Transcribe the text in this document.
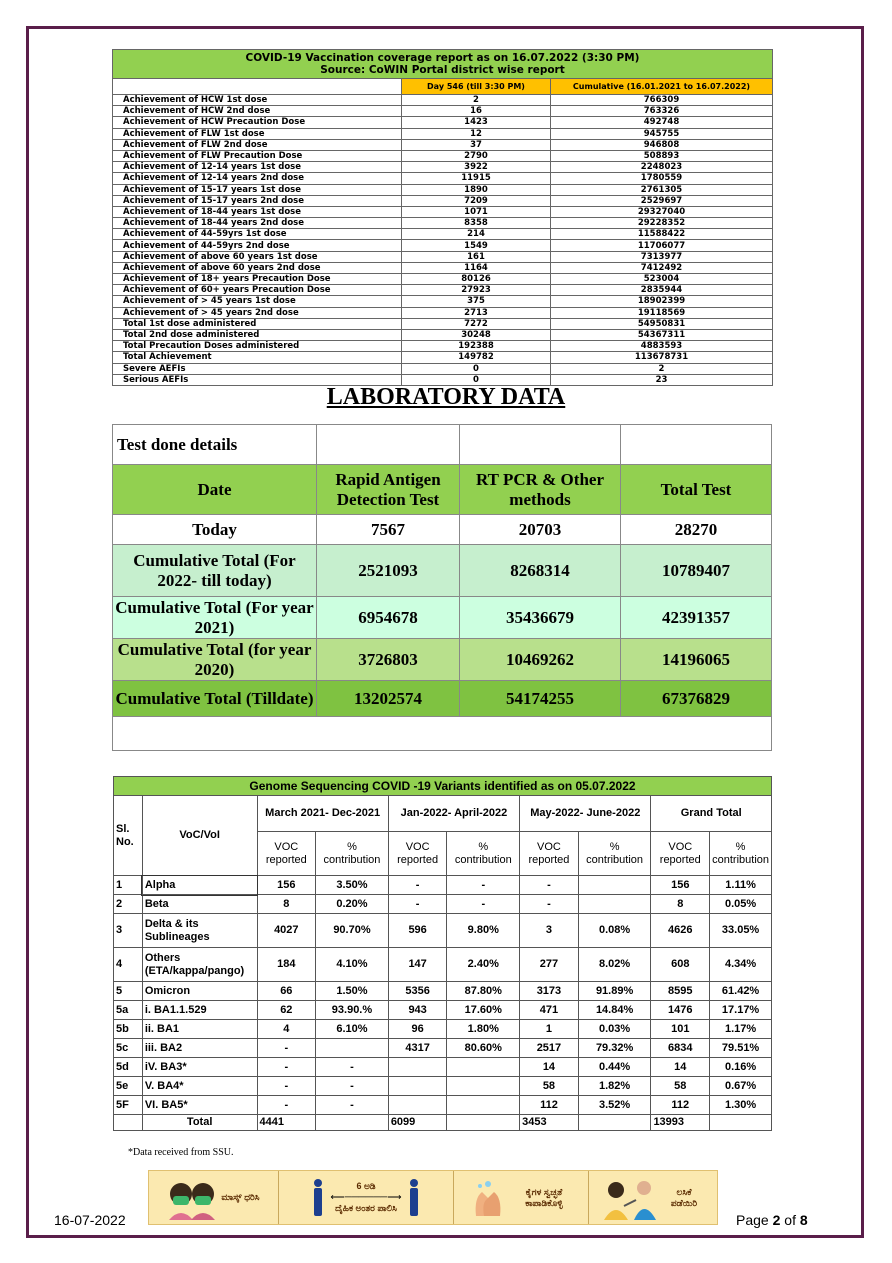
COVID-19 Vaccination coverage report as on 16.07.2022 (3:30 PM)
Source: CoWIN Portal district wise report		

	Day 546 (till 3:30 PM)	Cumulative (16.01.2021 to 16.07.2022)
Achievement of HCW 1st dose	2	766309
Achievement of HCW 2nd dose	16	763326
Achievement of HCW Precaution Dose	1423	492748
Achievement of FLW 1st dose	12	945755
Achievement of FLW 2nd dose	37	946808
Achievement of FLW Precaution Dose	2790	508893
Achievement of 12-14 years 1st dose	3922	2248023
Achievement of 12-14 years 2nd dose	11915	1780559
Achievement of 15-17 years 1st dose	1890	2761305
Achievement of 15-17 years 2nd dose	7209	2529697
Achievement of 18-44 years 1st dose	1071	29327040
Achievement of 18-44 years 2nd dose	8358	29228352
Achievement of 44-59yrs 1st dose	214	11588422
Achievement of 44-59yrs 2nd dose	1549	11706077
Achievement of above 60 years 1st dose	161	7313977
Achievement of above 60 years 2nd dose	1164	7412492
Achievement of 18+ years Precaution Dose	80126	523004
Achievement of 60+ years Precaution Dose	27923	2835944
Achievement of > 45 years 1st dose	375	18902399
Achievement of > 45 years 2nd dose	2713	19118569
Total 1st dose administered	7272	54950831
Total 2nd dose administered	30248	54367311
Total Precaution Doses administered	192388	4883593
Total Achievement	149782	113678731
Severe AEFIs	0	2
Serious AEFIs	0	23
LABORATORY DATA
Test done details			
Date	Rapid Antigen Detection Test	RT PCR & Other methods	Total Test
Today	7567	20703	28270
Cumulative Total (For 2022- till today)	2521093	8268314	10789407
Cumulative Total (For year 2021)	6954678	35436679	42391357
Cumulative Total (for year 2020)	3726803	10469262	14196065
Cumulative Total (Tilldate)	13202574	54174255	67376829

Genome Sequencing COVID -19 Variants identified as on 05.07.2022									
Sl. No.	VoC/VoI	March 2021- Dec-2021		Jan-2022- April-2022		May-2022- June-2022		Grand Total	
		VOC reported	% contribution	VOC reported	% contribution	VOC reported	% contribution	VOC reported	% contribution
1	Alpha	156	3.50%	-	-	-		156	1.11%
2	Beta	8	0.20%	-	-	-		8	0.05%
3	Delta & its Sublineages	4027	90.70%	596	9.80%	3	0.08%	4626	33.05%
4	Others (ETA/kappa/pango)	184	4.10%	147	2.40%	277	8.02%	608	4.34%
5	Omicron	66	1.50%	5356	87.80%	3173	91.89%	8595	61.42%
5a	i. BA1.1.529	62	93.90.%	943	17.60%	471	14.84%	1476	17.17%
5b	ii. BA1	4	6.10%	96	1.80%	1	0.03%	101	1.17%
5c	iii. BA2	-		4317	80.60%	2517	79.32%	6834	79.51%
5d	iV. BA3*	-	-			14	0.44%	14	0.16%
5e	V. BA4*	-	-			58	1.82%	58	0.67%
5F	VI. BA5*	-	-			112	3.52%	112	1.30%
	Total	4441		6099		3453		13993	
*Data received from SSU.
ಮಾಸ್ಕ್ ಧರಿಸಿ
6 ಅಡಿ
⟵──────⟶
ದೈಹಿಕ ಅಂತರ ಪಾಲಿಸಿ
ಕೈಗಳ ಸ್ವಚ್ಛತೆ ಕಾಪಾಡಿಕೊಳ್ಳಿ
ಲಸಿಕೆ ಪಡೆಯಿರಿ
16-07-2022	Page 2 of 8
